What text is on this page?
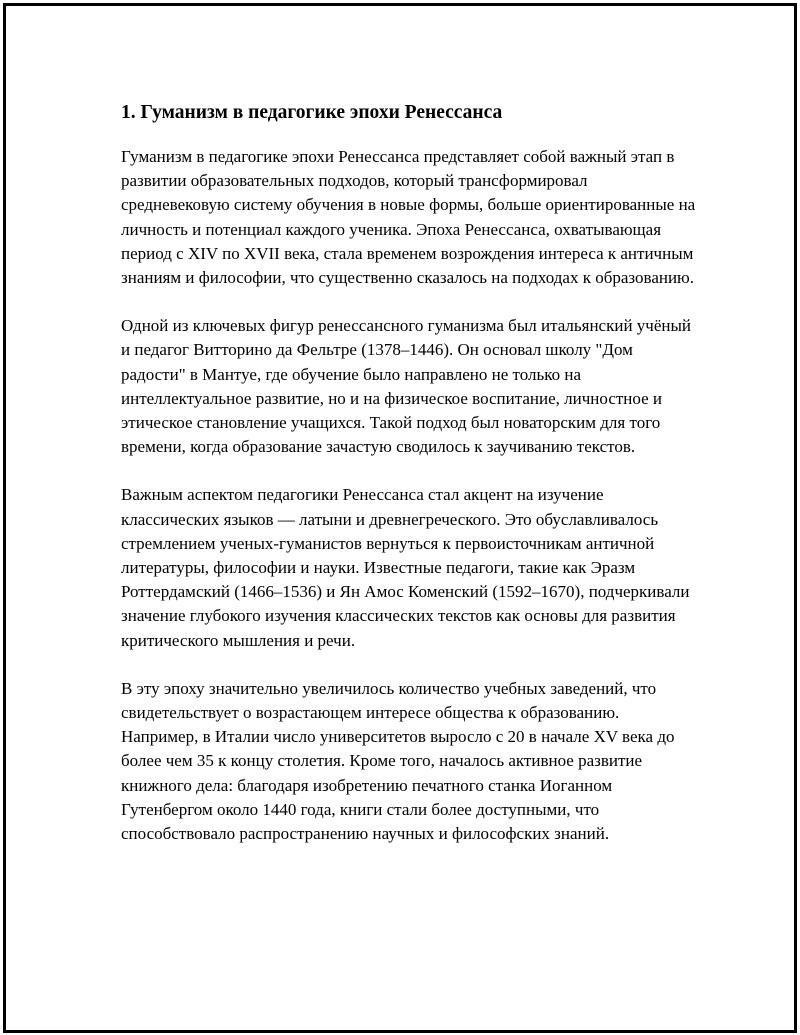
1. Гуманизм в педагогике эпохи Ренессанса

Гуманизм в педагогике эпохи Ренессанса представляет собой важный этап в развитии образовательных подходов, который трансформировал средневековую систему обучения в новые формы, больше ориентированные на личность и потенциал каждого ученика. Эпоха Ренессанса, охватывающая период с XIV по XVII века, стала временем возрождения интереса к античным знаниям и философии, что существенно сказалось на подходах к образованию.

Одной из ключевых фигур ренессансного гуманизма был итальянский учёный и педагог Витторино да Фельтре (1378–1446). Он основал школу "Дом радости" в Мантуе, где обучение было направлено не только на интеллектуальное развитие, но и на физическое воспитание, личностное и этическое становление учащихся. Такой подход был новаторским для того времени, когда образование зачастую сводилось к заучиванию текстов.

Важным аспектом педагогики Ренессанса стал акцент на изучение классических языков — латыни и древнегреческого. Это обуславливалось стремлением ученых-гуманистов вернуться к первоисточникам античной литературы, философии и науки. Известные педагоги, такие как Эразм Роттердамский (1466–1536) и Ян Амос Коменский (1592–1670), подчеркивали значение глубокого изучения классических текстов как основы для развития критического мышления и речи.

В эту эпоху значительно увеличилось количество учебных заведений, что свидетельствует о возрастающем интересе общества к образованию. Например, в Италии число университетов выросло с 20 в начале XV века до более чем 35 к концу столетия. Кроме того, началось активное развитие книжного дела: благодаря изобретению печатного станка Иоганном Гутенбергом около 1440 года, книги стали более доступными, что способствовало распространению научных и философских знаний.
